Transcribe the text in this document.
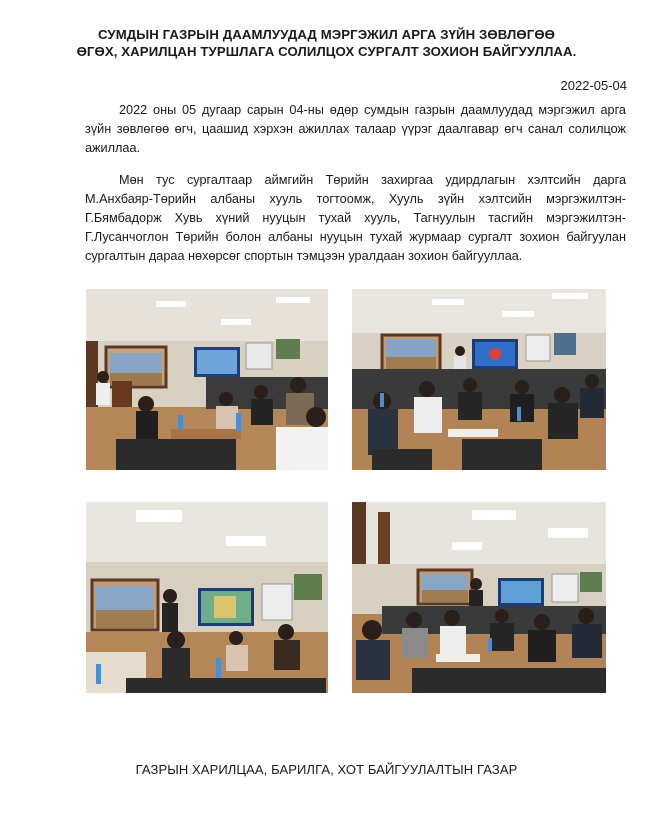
СУМДЫН ГАЗРЫН ДААМЛУУДАД МЭРГЭЖИЛ АРГА ЗҮЙН ЗӨВЛӨГӨӨ
ӨГӨХ, ХАРИЛЦАН ТУРШЛАГА СОЛИЛЦОХ СУРГАЛТ ЗОХИОН БАЙГУУЛЛАА.
2022-05-04

2022 оны 05 дугаар сарын 04-ны өдөр сумдын газрын даамлуудад мэргэжил арга зүйн зөвлөгөө өгч, цаашид хэрхэн ажиллах талаар үүрэг даалгавар өгч санал солилцож ажиллаа.

Мөн тус сургалтаар аймгийн Төрийн захиргаа удирдлагын хэлтсийн дарга М.Анхбаяр-Төрийн албаны хууль тогтоомж, Хууль зүйн хэлтсийн мэргэжилтэн-Г.Бямбадорж Хувь хүний нууцын тухай хууль, Тагнуулын тасгийн мэргэжилтэн-Г.Лусанчоглон Төрийн болон албаны нууцын тухай журмаар сургалт зохион байгуулан сургалтын дараа нөхөрсөг спортын тэмцээн уралдаан зохион байгууллаа.

ГАЗРЫН ХАРИЛЦАА, БАРИЛГА, ХОТ БАЙГУУЛАЛТЫН ГАЗАР
